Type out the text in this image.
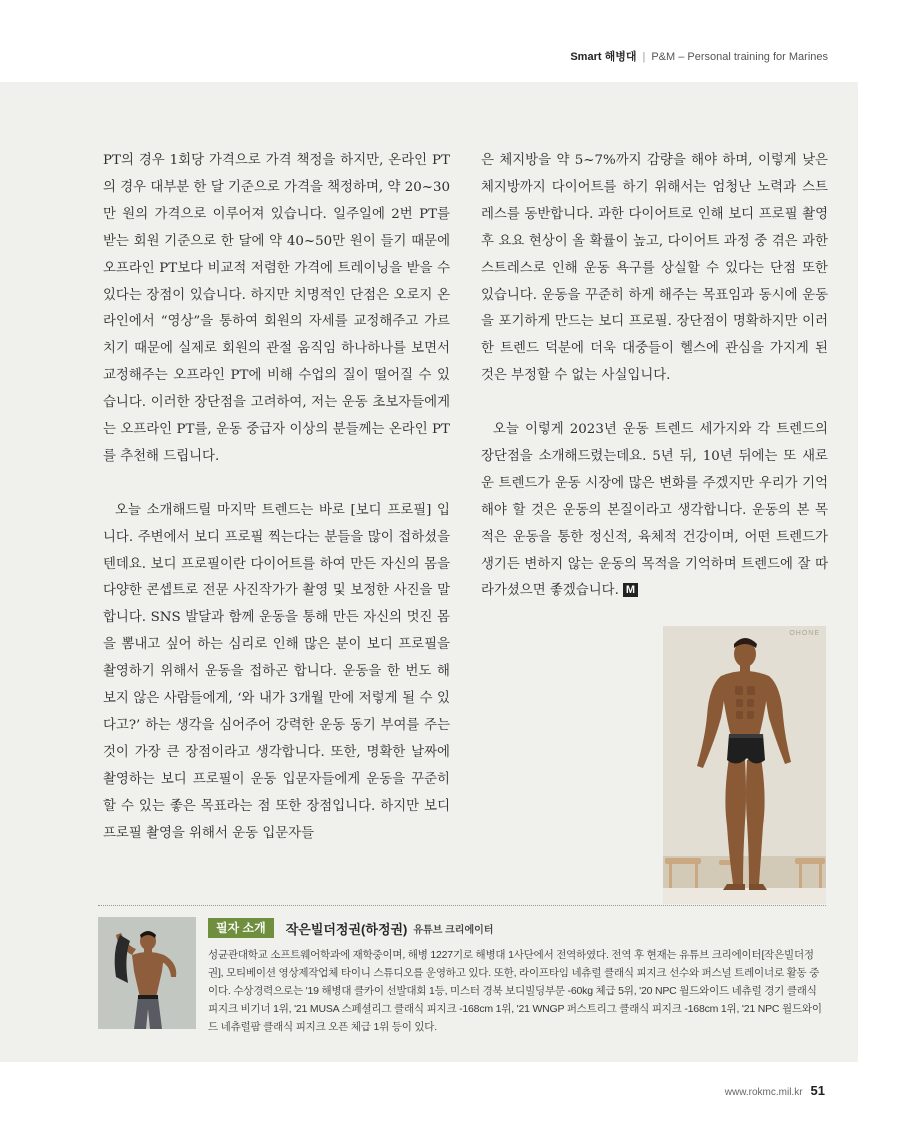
Smart 해병대 | P&M – Personal training for Marines

PT의 경우 1회당 가격으로 가격 책정을 하지만, 온라인 PT의 경우 대부분 한 달 기준으로 가격을 책정하며, 약 20~30만 원의 가격으로 이루어져 있습니다. 일주일에 2번 PT를 받는 회원 기준으로 한 달에 약 40~50만 원이 들기 때문에 오프라인 PT보다 비교적 저렴한 가격에 트레이닝을 받을 수 있다는 장점이 있습니다. 하지만 치명적인 단점은 오로지 온라인에서 “영상”을 통하여 회원의 자세를 교정해주고 가르치기 때문에 실제로 회원의 관절 움직임 하나하나를 보면서 교정해주는 오프라인 PT에 비해 수업의 질이 떨어질 수 있습니다. 이러한 장단점을 고려하여, 저는 운동 초보자들에게는 오프라인 PT를, 운동 중급자 이상의 분들께는 온라인 PT를 추천해 드립니다.

오늘 소개해드릴 마지막 트렌드는 바로 [보디 프로필] 입니다. 주변에서 보디 프로필 찍는다는 분들을 많이 접하셨을 텐데요. 보디 프로필이란 다이어트를 하여 만든 자신의 몸을 다양한 콘셉트로 전문 사진작가가 촬영 및 보정한 사진을 말합니다. SNS 발달과 함께 운동을 통해 만든 자신의 멋진 몸을 뽐내고 싶어 하는 심리로 인해 많은 분이 보디 프로필을 촬영하기 위해서 운동을 접하곤 합니다. 운동을 한 번도 해보지 않은 사람들에게, ‘와 내가 3개월 만에 저렇게 될 수 있다고?’ 하는 생각을 심어주어 강력한 운동 동기 부여를 주는 것이 가장 큰 장점이라고 생각합니다. 또한, 명확한 날짜에 촬영하는 보디 프로필이 운동 입문자들에게 운동을 꾸준히 할 수 있는 좋은 목표라는 점 또한 장점입니다. 하지만 보디 프로필 촬영을 위해서 운동 입문자들

은 체지방을 약 5~7%까지 감량을 해야 하며, 이렇게 낮은 체지방까지 다이어트를 하기 위해서는 엄청난 노력과 스트레스를 동반합니다. 과한 다이어트로 인해 보디 프로필 촬영 후 요요 현상이 올 확률이 높고, 다이어트 과정 중 겪은 과한 스트레스로 인해 운동 욕구를 상실할 수 있다는 단점 또한 있습니다. 운동을 꾸준히 하게 해주는 목표임과 동시에 운동을 포기하게 만드는 보디 프로필. 장단점이 명확하지만 이러한 트렌드 덕분에 더욱 대중들이 헬스에 관심을 가지게 된 것은 부정할 수 없는 사실입니다.

오늘 이렇게 2023년 운동 트렌드 세가지와 각 트렌드의 장단점을 소개해드렸는데요. 5년 뒤, 10년 뒤에는 또 새로운 트렌드가 운동 시장에 많은 변화를 주겠지만 우리가 기억해야 할 것은 운동의 본질이라고 생각합니다. 운동의 본 목적은 운동을 통한 정신적, 육체적 건강이며, 어떤 트렌드가 생기든 변하지 않는 운동의 목적을 기억하며 트렌드에 잘 따라가셨으면 좋겠습니다. M

OHONE
필자 소개	작은빌더정권(하정권) 유튜브 크리에이터
성균관대학교 소프트웨어학과에 재학중이며, 해병 1227기로 해병대 1사단에서 전역하였다. 전역 후 현재는 유튜브 크리에이터[작은빌더정권], 모티베이션 영상제작업체 타이니 스튜디오를 운영하고 있다. 또한, 라이프타임 네츄럴 클래식 피지크 선수와 퍼스널 트레이너로 활동 중이다. 수상경력으로는 '19 해병대 클카이 선발대회 1등, 미스터 경북 보디빌딩부문 -60kg 체급 5위, '20 NPC 월드와이드 네츄럴 경기 클래식 피지크 비기너 1위, '21 MUSA 스페셜리그 클래식 피지크 -168cm 1위, '21 WNGP 퍼스트리그 클래식 피지크 -168cm 1위, '21 NPC 월드와이드 네츄럴팜 클래식 피지크 오픈 체급 1위 등이 있다.
www.rokmc.mil.kr 51
